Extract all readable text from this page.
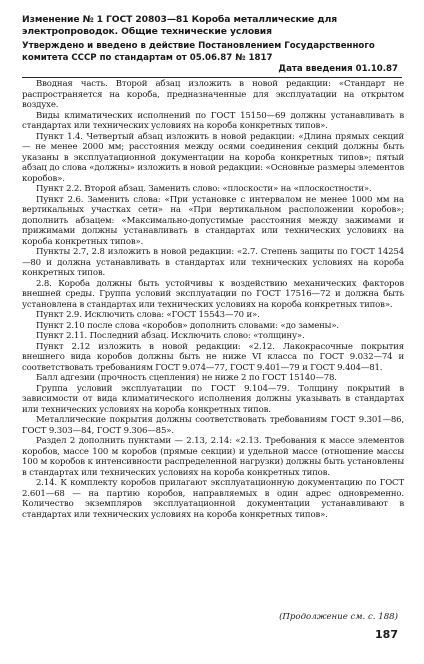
Изменение № 1 ГОСТ 20803—81 Короба металлические для электропроводок. Общие технические условия
Утверждено и введено в действие Постановлением Государственного комитета СССР по стандартам от 05.06.87 № 1817
Дата введения 01.10.87

Вводная часть. Второй абзац изложить в новой редакции: «Стандарт не распространяется на короба, предназначенные для эксплуатации на открытом воздухе.

Виды климатических исполнений по ГОСТ 15150—69 должны устанавливать в стандартах или технических условиях на короба конкретных типов».

Пункт 1.4. Четвертый абзац изложить в новой редакции: «Длина прямых секций — не менее 2000 мм; расстояния между осями соединения секций должны быть указаны в эксплуатационной документации на короба конкретных типов»; пятый абзац до слова «должны» изложить в новой редакции: «Основные размеры элементов коробов».

Пункт 2.2. Второй абзац. Заменить слово: «плоскости» на «плоскостности».

Пункт 2.6. Заменить слова: «При установке с интервалом не менее 1000 мм на вертикальных участках сети» на «При вертикальном расположении коробов»; дополнить абзацем: «Максимально-допустимые расстояния между зажимами и прижимами должны устанавливать в стандартах или технических условиях на короба конкретных типов».

Пункты 2.7, 2.8 изложить в новой редакции: «2.7. Степень защиты по ГОСТ 14254—80 и должна устанавливать в стандартах или технических условиях на короба конкретных типов.

2.8. Короба должны быть устойчивы к воздействию механических факторов внешней среды. Группа условий эксплуатации по ГОСТ 17516—72 и должна быть установлена в стандартах или технических условиях на короба конкретных типов».

Пункт 2.9. Исключить слова: «ГОСТ 15543—70 и».

Пункт 2.10 после слова «коробов» дополнить словами: «до замены».

Пункт 2.11. Последний абзац. Исключить слово: «толщину».

Пункт 2.12 изложить в новой редакции: «2.12. Лакокрасочные покрытия внешнего вида коробов должны быть не ниже VI класса по ГОСТ 9.032—74 и соответствовать требованиям ГОСТ 9.074—77, ГОСТ 9.401—79 и ГОСТ 9.404—81.

Балл адгезии (прочность сцепления) не ниже 2 по ГОСТ 15140—78.

Группа условий эксплуатации по ГОСТ 9.104—79. Толщину покрытий в зависимости от вида климатического исполнения должны указывать в стандартах или технических условиях на короба конкретных типов.

Металлические покрытия должны соответствовать требованиям ГОСТ 9.301—86, ГОСТ 9.303—84, ГОСТ 9.306—85».

Раздел 2 дополнить пунктами — 2.13, 2.14: «2.13. Требования к массе элементов коробов, массе 100 м коробов (прямые секции) и удельной массе (отношение массы 100 м коробов к интенсивности распределенной нагрузки) должны быть установлены в стандартах или технических условиях на короба конкретных типов.

2.14. К комплекту коробов прилагают эксплуатационную документацию по ГОСТ 2.601—68 — на партию коробов, направляемых в один адрес одновременно. Количество экземпляров эксплуатационной документации устанавливают в стандартах или технических условиях на короба конкретных типов».

(Продолжение см. с. 188)
187
